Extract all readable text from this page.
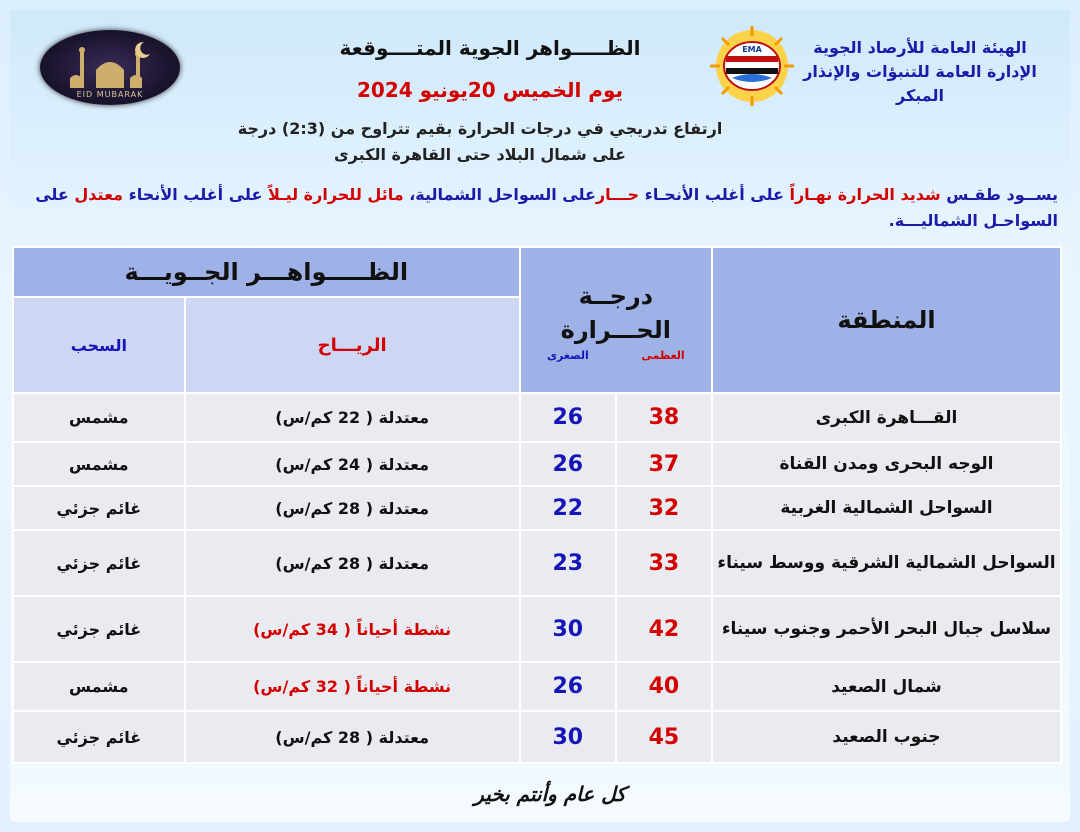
الهيئة العامة للأرصاد الجوية
الإدارة العامة للتنبؤات والإنذار المبكر
EMA
EID MUBARAK
الظـــــواهر الجوية المتــــوقعة
يوم الخميس 20يونيو 2024
ارتفاع تدريجي في درجات الحرارة بقيم تتراوح من (2:3) درجة
على شمال البلاد حتى القاهرة الكبرى
يســود طقـس شديد الحرارة نهـاراً على أغلب الأنحـاء حـــارعلى السواحل الشمالية، مائل للحرارة ليـلاً على أغلب الأنحاء معتدل على السواحـل الشماليـــة.
المنطقة	درجــة الحـــرارة
العظمى
الصغرى		الظـــــواهـــر الجــويـــة	
			الريـــاح	السحب
القـــاهرة الكبرى	38	26	معتدلة ( 22 كم/س)	مشمس
الوجه البحرى ومدن القناة	37	26	معتدلة ( 24 كم/س)	مشمس
السواحل الشمالية الغربية	32	22	معتدلة ( 28 كم/س)	غائم جزئي
السواحل الشمالية الشرقية ووسط سيناء	33	23	معتدلة ( 28 كم/س)	غائم جزئي
سلاسل جبال البحر الأحمر وجنوب سيناء	42	30	نشطة أحياناً ( 34 كم/س)	غائم جزئي
شمال الصعيد	40	26	نشطة أحياناً ( 32 كم/س)	مشمس
جنوب الصعيد	45	30	معتدلة ( 28 كم/س)	غائم جزئي
كل عام وأنتم بخير
